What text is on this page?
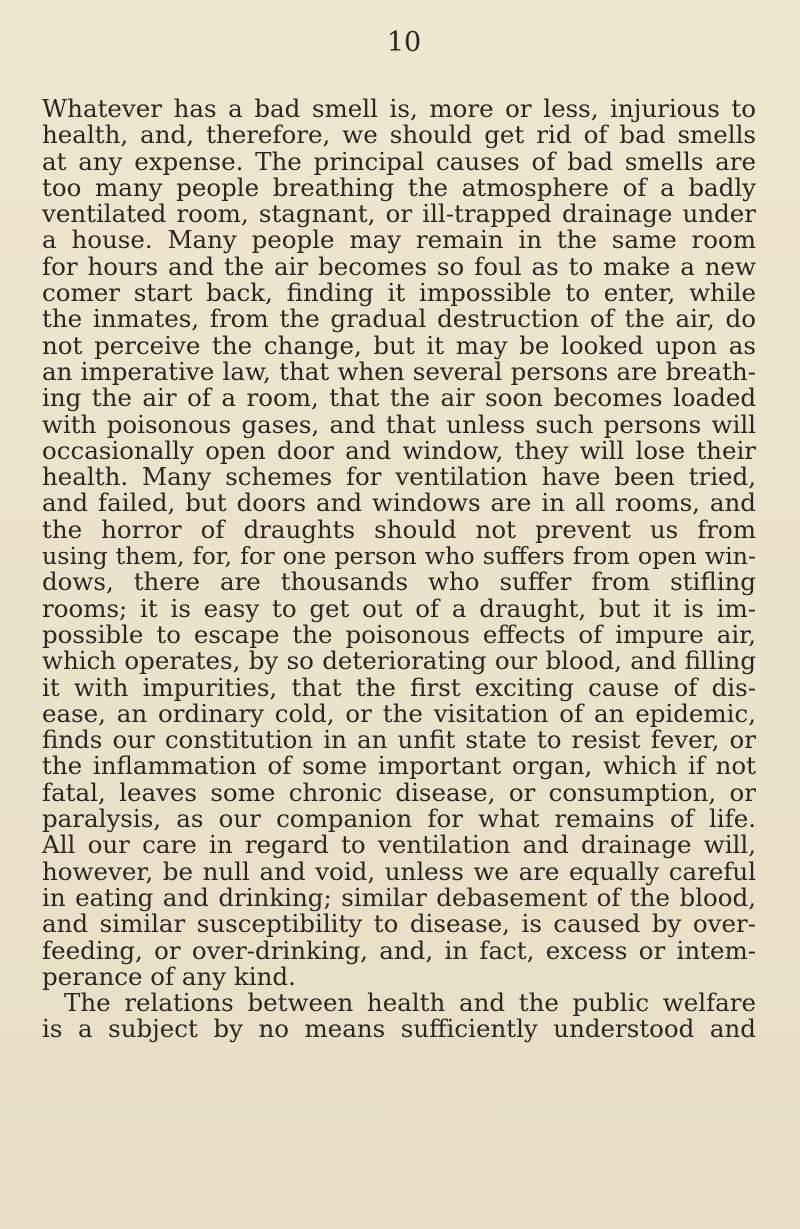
10
Whatever has a bad smell is, more or less, injurious to
health, and, therefore, we should get rid of bad smells
at any expense. The principal causes of bad smells are
too many people breathing the atmosphere of a badly
ventilated room, stagnant, or ill-trapped drainage under
a house. Many people may remain in the same room
for hours and the air becomes so foul as to make a new
comer start back, finding it impossible to enter, while
the inmates, from the gradual destruction of the air, do
not perceive the change, but it may be looked upon as
an imperative law, that when several persons are breath-
ing the air of a room, that the air soon becomes loaded
with poisonous gases, and that unless such persons will
occasionally open door and window, they will lose their
health. Many schemes for ventilation have been tried,
and failed, but doors and windows are in all rooms, and
the horror of draughts should not prevent us from
using them, for, for one person who suffers from open win-
dows, there are thousands who suffer from stifling
rooms; it is easy to get out of a draught, but it is im-
possible to escape the poisonous effects of impure air,
which operates, by so deteriorating our blood, and filling
it with impurities, that the first exciting cause of dis-
ease, an ordinary cold, or the visitation of an epidemic,
finds our constitution in an unfit state to resist fever, or
the inflammation of some important organ, which if not
fatal, leaves some chronic disease, or consumption, or
paralysis, as our companion for what remains of life.
All our care in regard to ventilation and drainage will,
however, be null and void, unless we are equally careful
in eating and drinking; similar debasement of the blood,
and similar susceptibility to disease, is caused by over-
feeding, or over-drinking, and, in fact, excess or intem-
perance of any kind.
The relations between health and the public welfare
is a subject by no means sufficiently understood and
